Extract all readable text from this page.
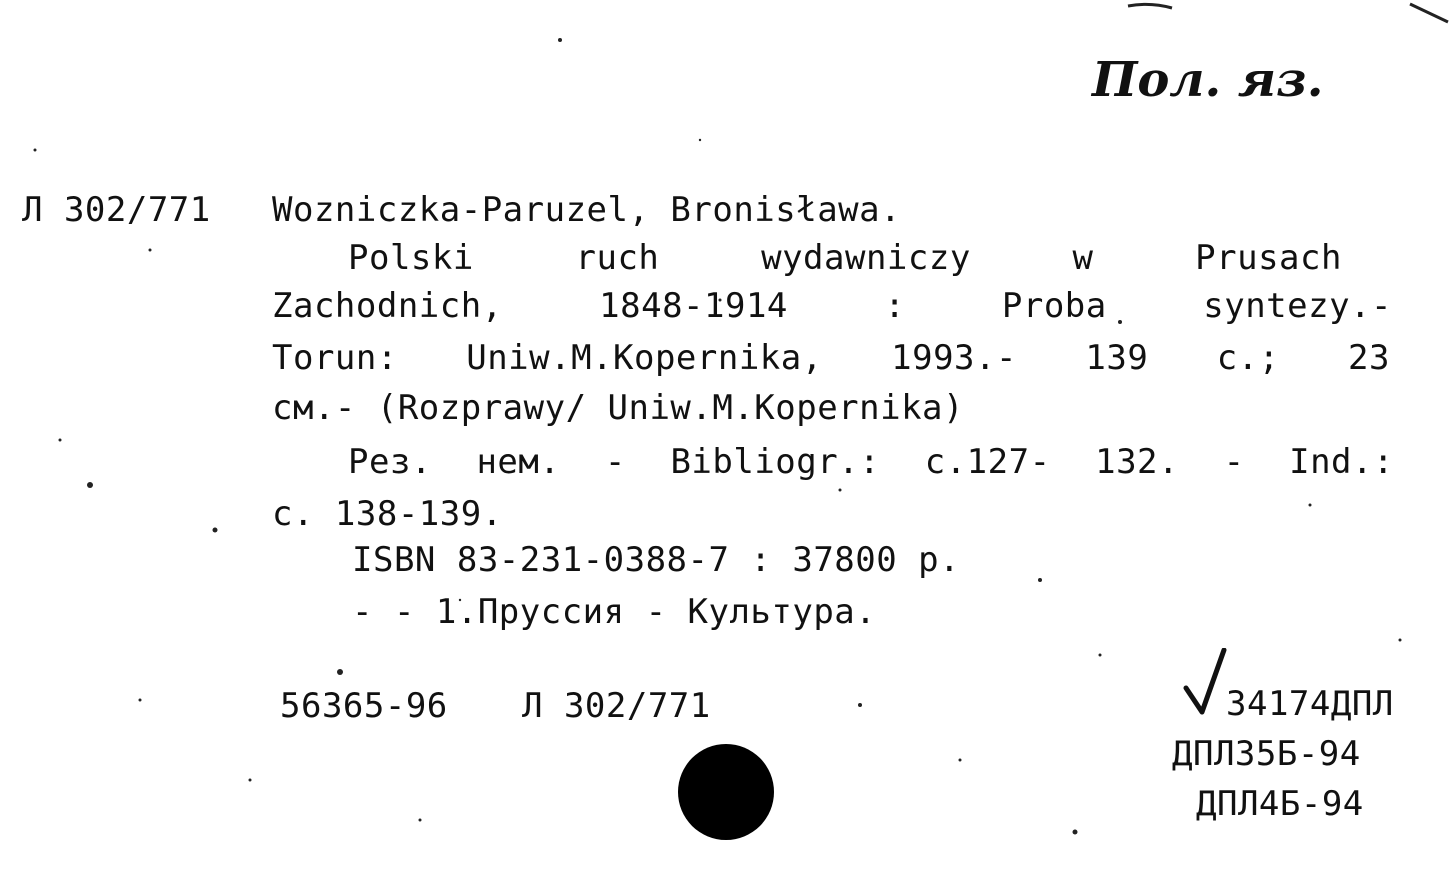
Пол. яз.
Л 302/771 Wozniczka-Paruzel, Bronisława.
Polski	ruch	wydawniczy	w	Prusach
Zachodnich,	1848-1914	:	Proba	syntezy.-
Torun: Uniw.M.Kopernika, 1993.- 139 с.; 23
см.- (Rozprawy/ Uniw.M.Kopernika)
Рез. нем. - Bibliogr.: с.127- 132. - Ind.:
с. 138-139.
ISBN 83-231-0388-7 : 37800 р.
- - 1.Пруссия - Культура.
56365-96 Л 302/771	34174ДПЛ
ДПЛ35Б-94
ДПЛ4Б-94
